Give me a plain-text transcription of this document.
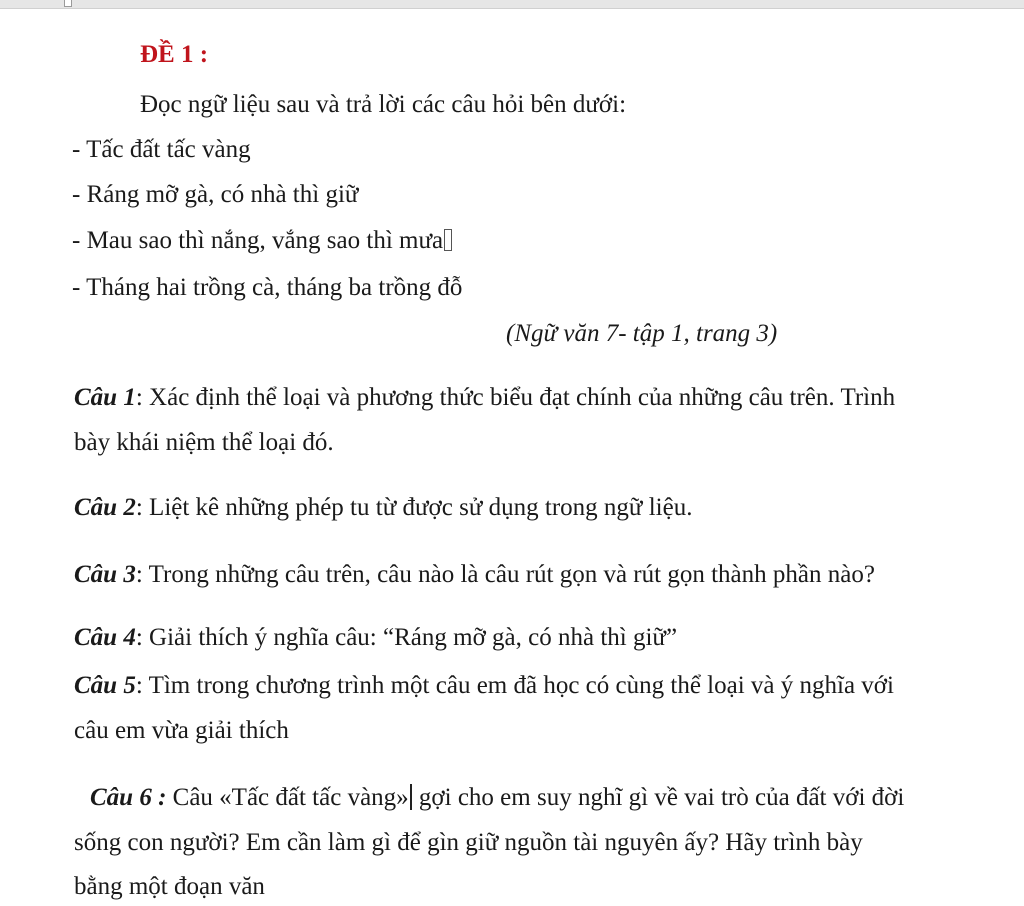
ĐỀ 1 :
Đọc ngữ liệu sau và trả lời các câu hỏi bên dưới:
- Tấc đất tấc vàng
- Ráng mỡ gà, có nhà thì giữ
- Mau sao thì nắng, vắng sao thì mưa
- Tháng hai trồng cà, tháng ba trồng đỗ
(Ngữ văn 7- tập 1, trang 3)
Câu 1: Xác định thể loại và phương thức biểu đạt chính của những câu trên. Trình
bày khái niệm thể loại đó.
Câu 2: Liệt kê những phép tu từ được sử dụng trong ngữ liệu.
Câu 3: Trong những câu trên, câu nào là câu rút gọn và rút gọn thành phần nào?
Câu 4: Giải thích ý nghĩa câu: “Ráng mỡ gà, có nhà thì giữ”
Câu 5: Tìm trong chương trình một câu em đã học có cùng thể loại và ý nghĩa với
câu em vừa giải thích
Câu 6 : Câu «Tấc đất tấc vàng» gợi cho em suy nghĩ gì về vai trò của đất với đời
sống con người? Em cần làm gì để gìn giữ nguồn tài nguyên ấy? Hãy trình bày
bằng một đoạn văn
